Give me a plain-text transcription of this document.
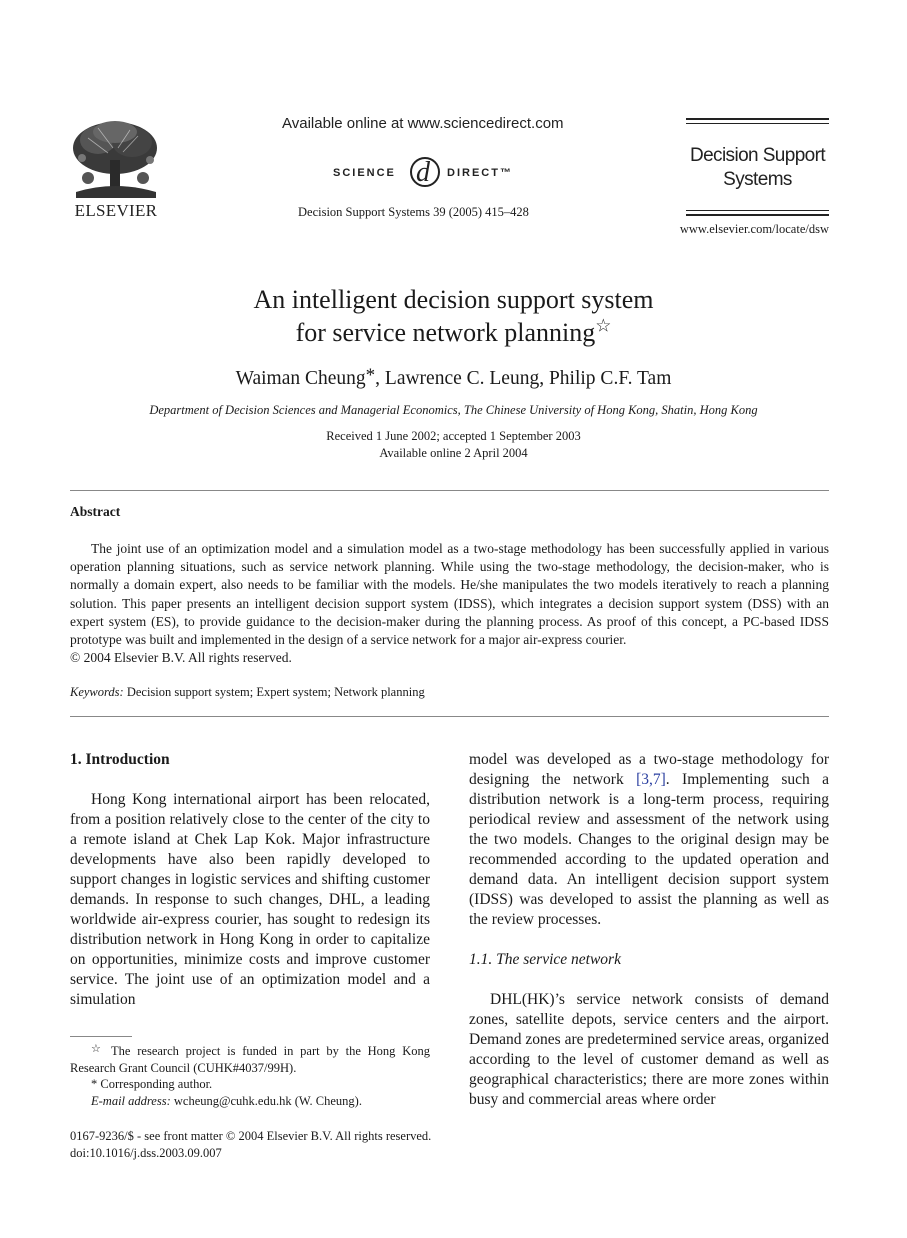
ELSEVIER
Available online at www.sciencedirect.com
SCIENCE d DIRECT™
Decision Support Systems 39 (2005) 415–428
Decision Support
Systems
www.elsevier.com/locate/dsw
An intelligent decision support system
for service network planning☆
Waiman Cheung*, Lawrence C. Leung, Philip C.F. Tam
Department of Decision Sciences and Managerial Economics, The Chinese University of Hong Kong, Shatin, Hong Kong
Received 1 June 2002; accepted 1 September 2003
Available online 2 April 2004
Abstract

The joint use of an optimization model and a simulation model as a two-stage methodology has been successfully applied in various operation planning situations, such as service network planning. While using the two-stage methodology, the decision-maker, who is normally a domain expert, also needs to be familiar with the models. He/she manipulates the two models iteratively to reach a planning solution. This paper presents an intelligent decision support system (IDSS), which integrates a decision support system (DSS) with an expert system (ES), to provide guidance to the decision-maker during the planning process. As proof of this concept, a PC-based IDSS prototype was built and implemented in the design of a service network for a major air-express courier.

© 2004 Elsevier B.V. All rights reserved.

Keywords: Decision support system; Expert system; Network planning

1. Introduction

Hong Kong international airport has been relocated, from a position relatively close to the center of the city to a remote island at Chek Lap Kok. Major infrastructure developments have also been rapidly developed to support changes in logistic services and shifting customer demands. In response to such changes, DHL, a leading worldwide air-express courier, has sought to redesign its distribution network in Hong Kong in order to capitalize on opportunities, minimize costs and improve customer service. The joint use of an optimization model and a simulation

model was developed as a two-stage methodology for designing the network [3,7]. Implementing such a distribution network is a long-term process, requiring periodical review and assessment of the network using the two models. Changes to the original design may be recommended according to the updated operation and demand data. An intelligent decision support system (IDSS) was developed to assist the planning as well as the review processes.

1.1. The service network

DHL(HK)’s service network consists of demand zones, satellite depots, service centers and the airport. Demand zones are predetermined service areas, organized according to the level of customer demand as well as geographical characteristics; there are more zones within busy and commercial areas where order

☆ The research project is funded in part by the Hong Kong Research Grant Council (CUHK#4037/99H).

* Corresponding author.

E-mail address: wcheung@cuhk.edu.hk (W. Cheung).

0167-9236/$ - see front matter © 2004 Elsevier B.V. All rights reserved.
doi:10.1016/j.dss.2003.09.007
